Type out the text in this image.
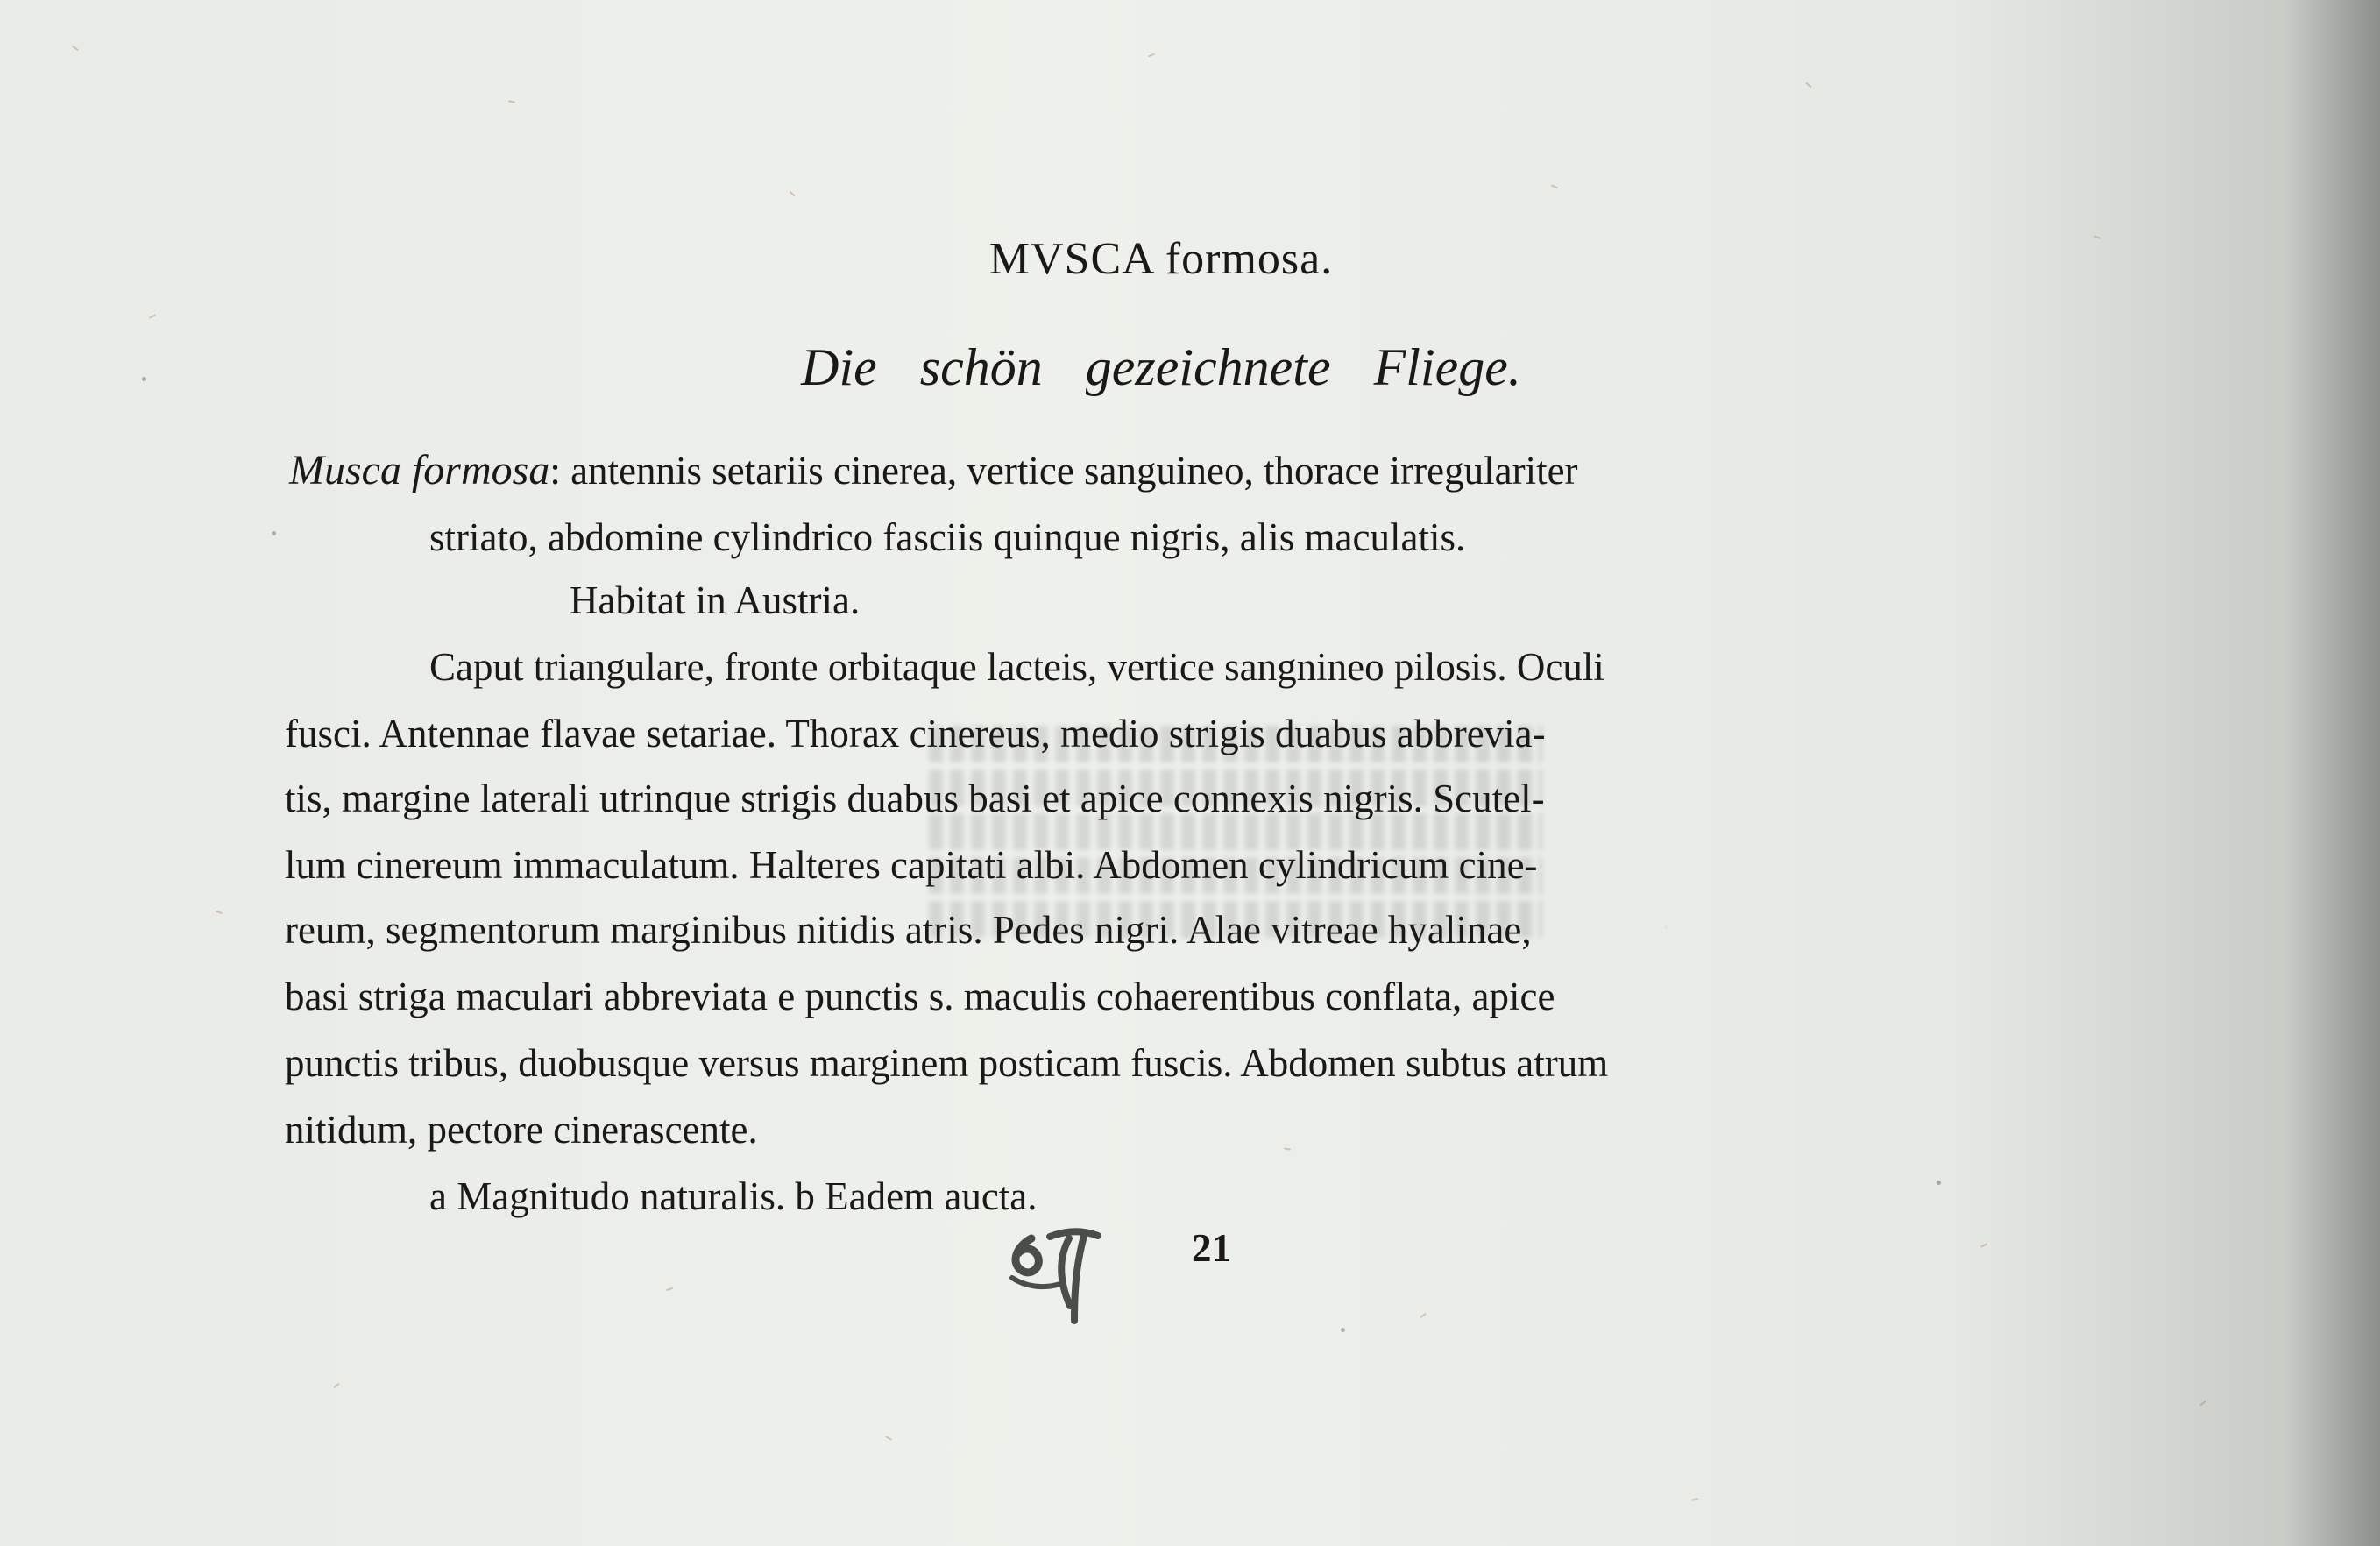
MVSCA formosa.
Die schön gezeichnete Fliege.
Musca formosa: antennis setariis cinerea, vertice sanguineo, thorace irregulariter
striato, abdomine cylindrico fasciis quinque nigris, alis maculatis.
Habitat in Austria.
Caput triangulare, fronte orbitaque lacteis, vertice sangnineo pilosis. Oculi
fusci. Antennae flavae setariae. Thorax cinereus, medio strigis duabus abbrevia-
tis, margine laterali utrinque strigis duabus basi et apice connexis nigris. Scutel-
lum cinereum immaculatum. Halteres capitati albi. Abdomen cylindricum cine-
reum, segmentorum marginibus nitidis atris. Pedes nigri. Alae vitreae hyalinae,
basi striga maculari abbreviata e punctis s. maculis cohaerentibus conflata, apice
punctis tribus, duobusque versus marginem posticam fuscis. Abdomen subtus atrum
nitidum, pectore cinerascente.
a Magnitudo naturalis. b Eadem aucta.
21
